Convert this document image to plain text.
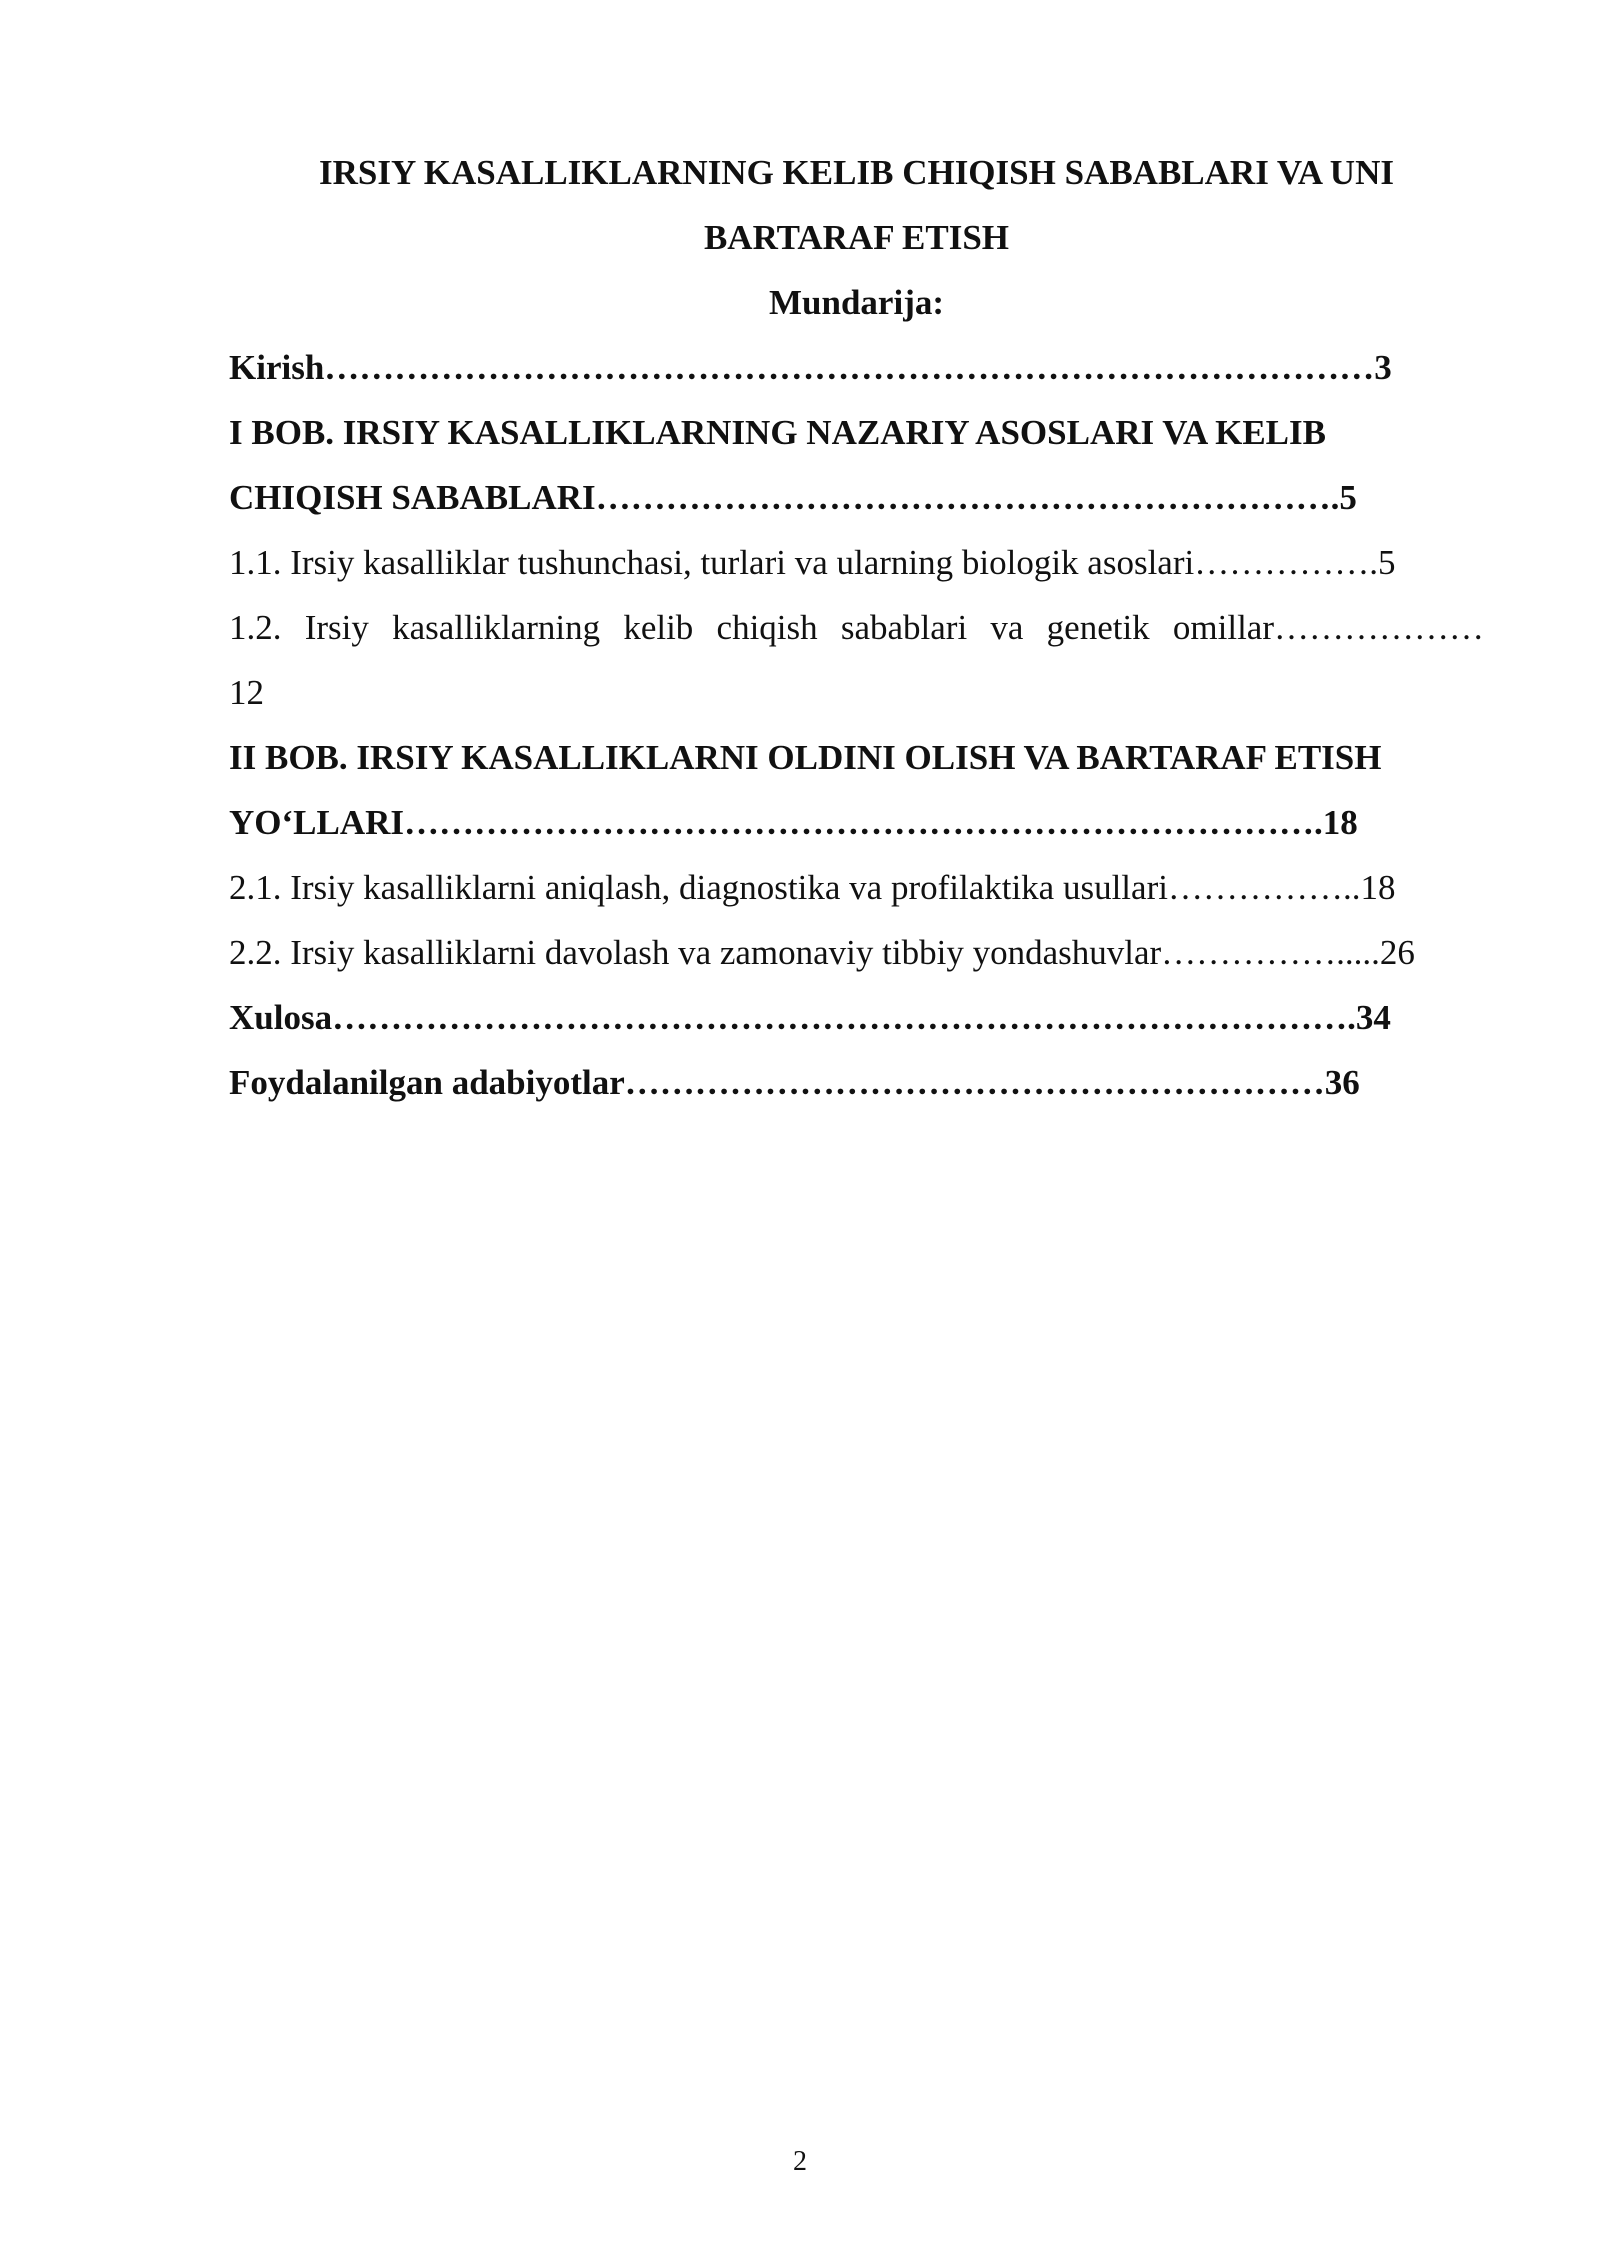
IRSIY KASALLIKLARNING KELIB CHIQISH SABABLARI VA UNI

BARTARAF ETISH

Mundarija:

Kirish………………………………………………………………………………3

I BOB. IRSIY KASALLIKLARNING NAZARIY ASOSLARI VA KELIB

CHIQISH SABABLARI……………………………………………………….5

1.1. Irsiy kasalliklar tushunchasi, turlari va ularning biologik asoslari…………….5

1.2. Irsiy kasalliklarning kelib chiqish sabablari va genetik omillar………………

12

II BOB. IRSIY KASALLIKLARNI OLDINI OLISH VA BARTARAF ETISH

YO‘LLARI…………………………………………………………………….18

2.1. Irsiy kasalliklarni aniqlash, diagnostika va profilaktika usullari……………..18

2.2. Irsiy kasalliklarni davolash va zamonaviy tibbiy yondashuvlar…………….....26

Xulosa…………………………………………………………………………….34

Foydalanilgan adabiyotlar……………………………………………………36

2
